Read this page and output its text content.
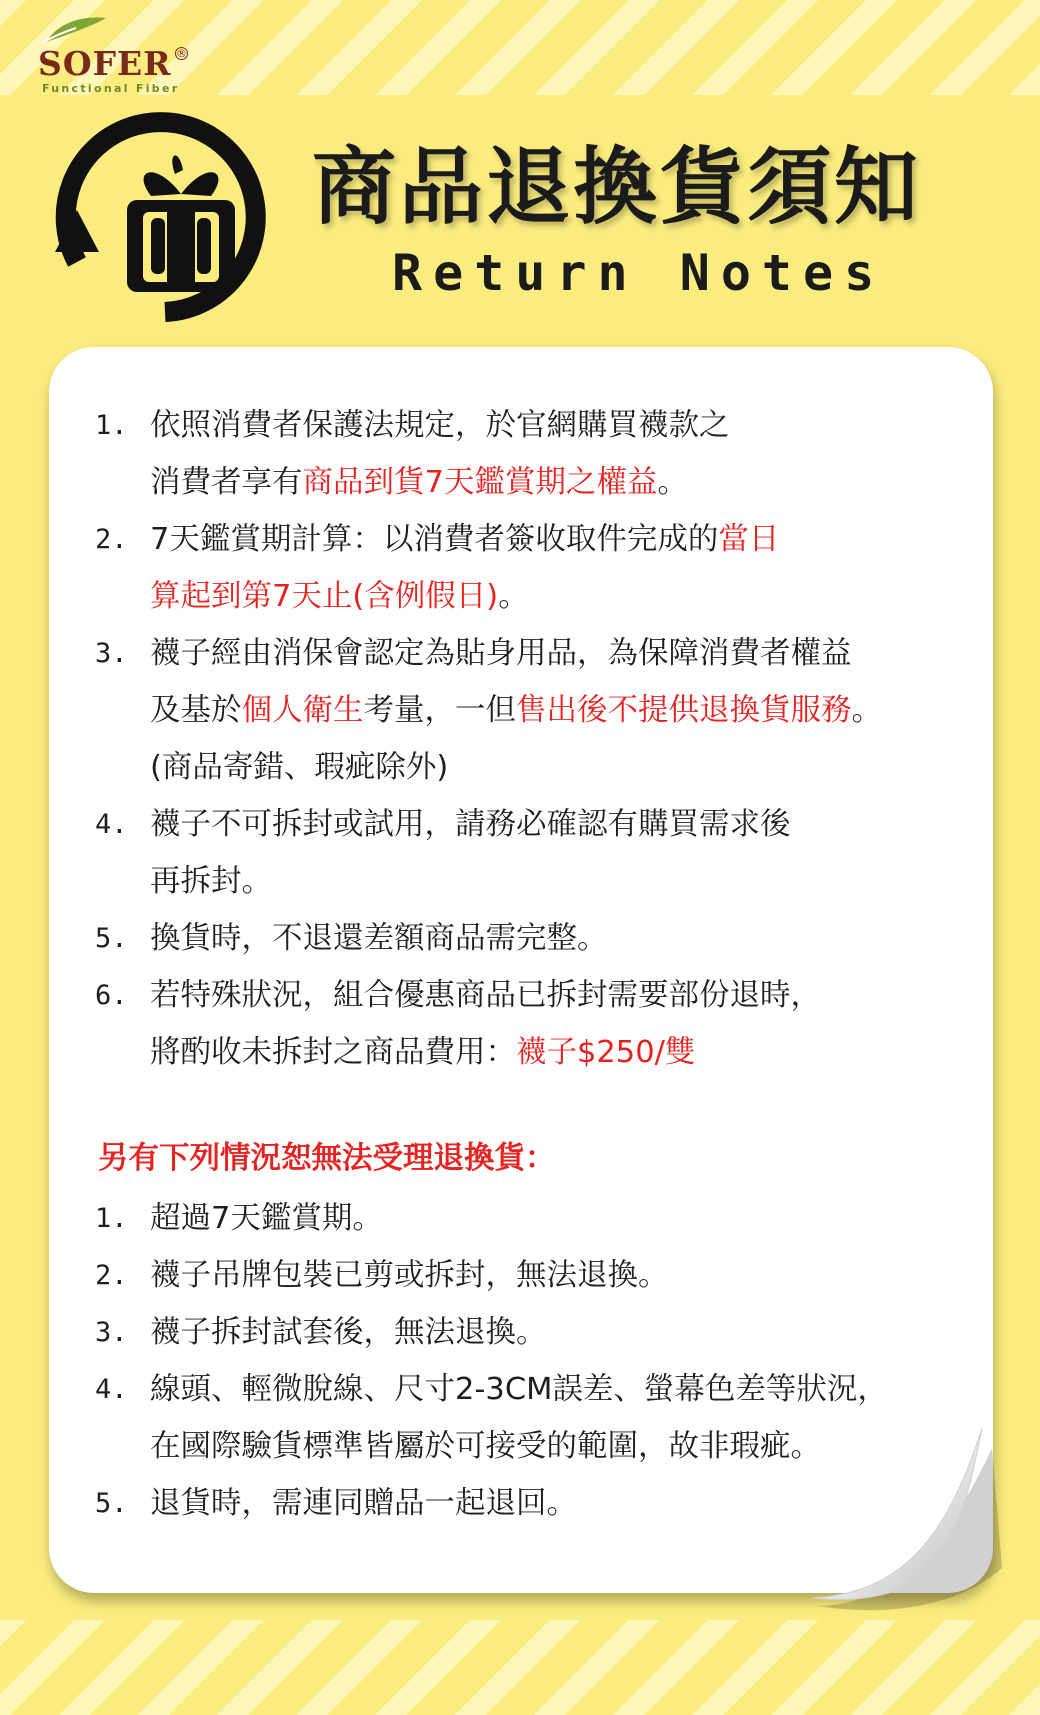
SOFER ®
Functional Fiber
商品退換貨須知
Return Notes
1. 依照消費者保護法規定，於官網購買襪款之
消費者享有商品到貨7天鑑賞期之權益。
2. 7天鑑賞期計算：以消費者簽收取件完成的當日
算起到第7天止(含例假日)。
3. 襪子經由消保會認定為貼身用品，為保障消費者權益
及基於個人衛生考量，一但售出後不提供退換貨服務。
(商品寄錯、瑕疵除外)
4. 襪子不可拆封或試用，請務必確認有購買需求後
再拆封。
5. 換貨時，不退還差額商品需完整。
6. 若特殊狀況，組合優惠商品已拆封需要部份退時，
將酌收未拆封之商品費用：襪子$250/雙
另有下列情況恕無法受理退換貨：
1. 超過7天鑑賞期。
2. 襪子吊牌包裝已剪或拆封，無法退換。
3. 襪子拆封試套後，無法退換。
4. 線頭、輕微脫線、尺寸2-3CM誤差、螢幕色差等狀況，
在國際驗貨標準皆屬於可接受的範圍，故非瑕疵。
5. 退貨時，需連同贈品一起退回。
